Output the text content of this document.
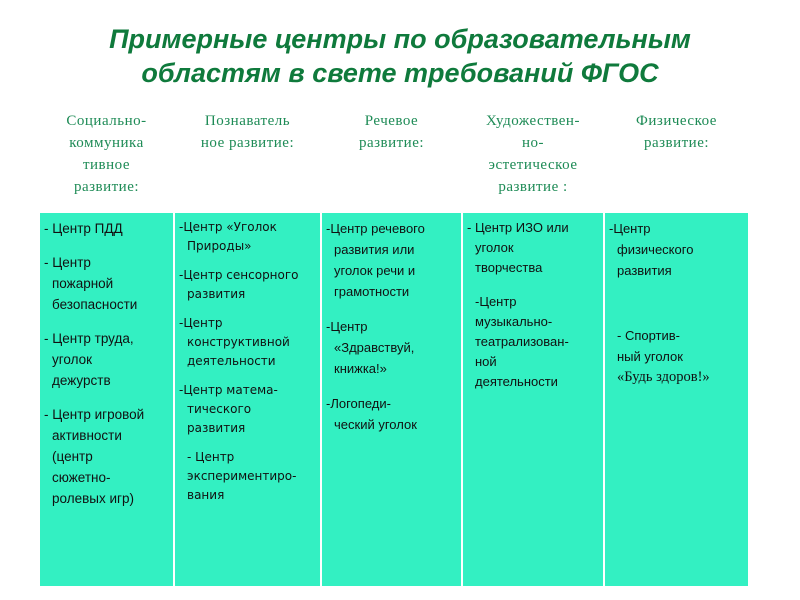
Примерные центры по образовательным
областям в свете требований ФГОС
Социально-
коммуника
тивное
развитие:
Познаватель
ное развитие:
Речевое
развитие:
Художествен-
но-
эстетическое
развитие :
Физическое
развитие:
- Центр ПДД
- Центр
пожарной
безопасности
- Центр труда,
уголок
дежурств
- Центр игровой
активности
(центр
сюжетно-
ролевых игр)
-Центр «Уголок
Природы»
-Центр сенсорного
развития
-Центр
конструктивной
деятельности
-Центр матема-
тического
развития
- Центр
экспериментиро-
вания
-Центр речевого
развития или
уголок речи и
грамотности
-Центр
«Здравствуй,
книжка!»
-Логопеди-
ческий уголок
- Центр ИЗО или
уголок
творчества
-Центр
музыкально-
театрализован-
ной
деятельности
-Центр
физического
развития
- Спортив-
ный уголок
«Будь здоров!»
